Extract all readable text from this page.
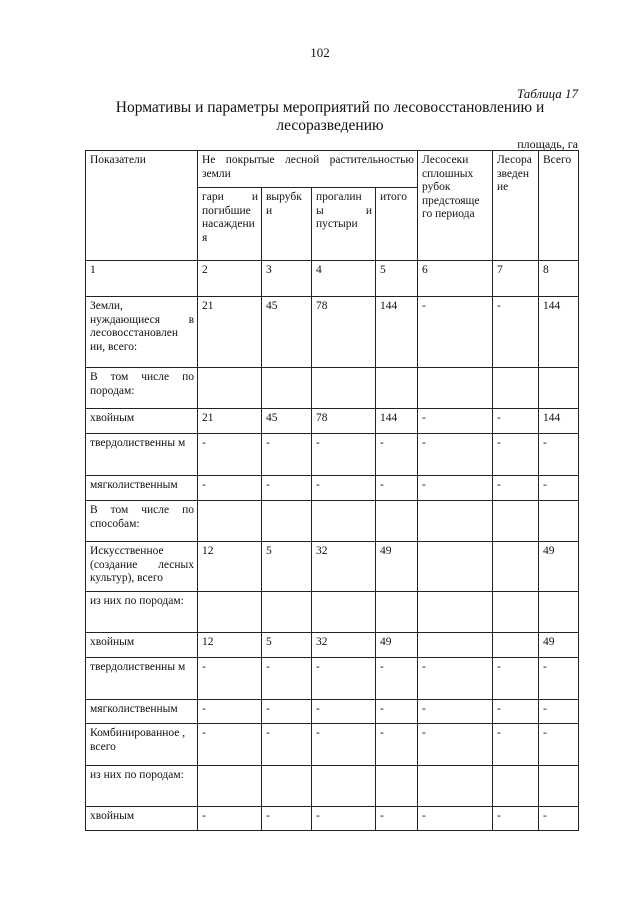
102
Таблица 17
Нормативы и параметры мероприятий по лесовосстановлению и
лесоразведению
площадь, га
Показатели	Не покрытые лесной растительностью земли				Лесосеки сплошных рубок предстояще го периода	Лесора зведен ие	Всего
	гари и погибшие насаждени я	вырубк и	прогалин ы и пустыри	итого			
1	2	3	4	5	6	7	8
Земли, нуждающиеся в лесовосстановлен ии, всего:	21	45	78	144	-	-	144
В том числе по породам:							
хвойным	21	45	78	144	-	-	144
твердолиственны м	-	-	-	-	-	-	-
мягколиственным	-	-	-	-	-	-	-
В том числе по способам:							
Искусственное (создание лесных культур), всего	12	5	32	49			49
из них по породам:							
хвойным	12	5	32	49			49
твердолиственны м	-	-	-	-	-	-	-
мягколиственным	-	-	-	-	-	-	-
Комбинированное , всего	-	-	-	-	-	-	-
из них по породам:							
хвойным	-	-	-	-	-	-	-
